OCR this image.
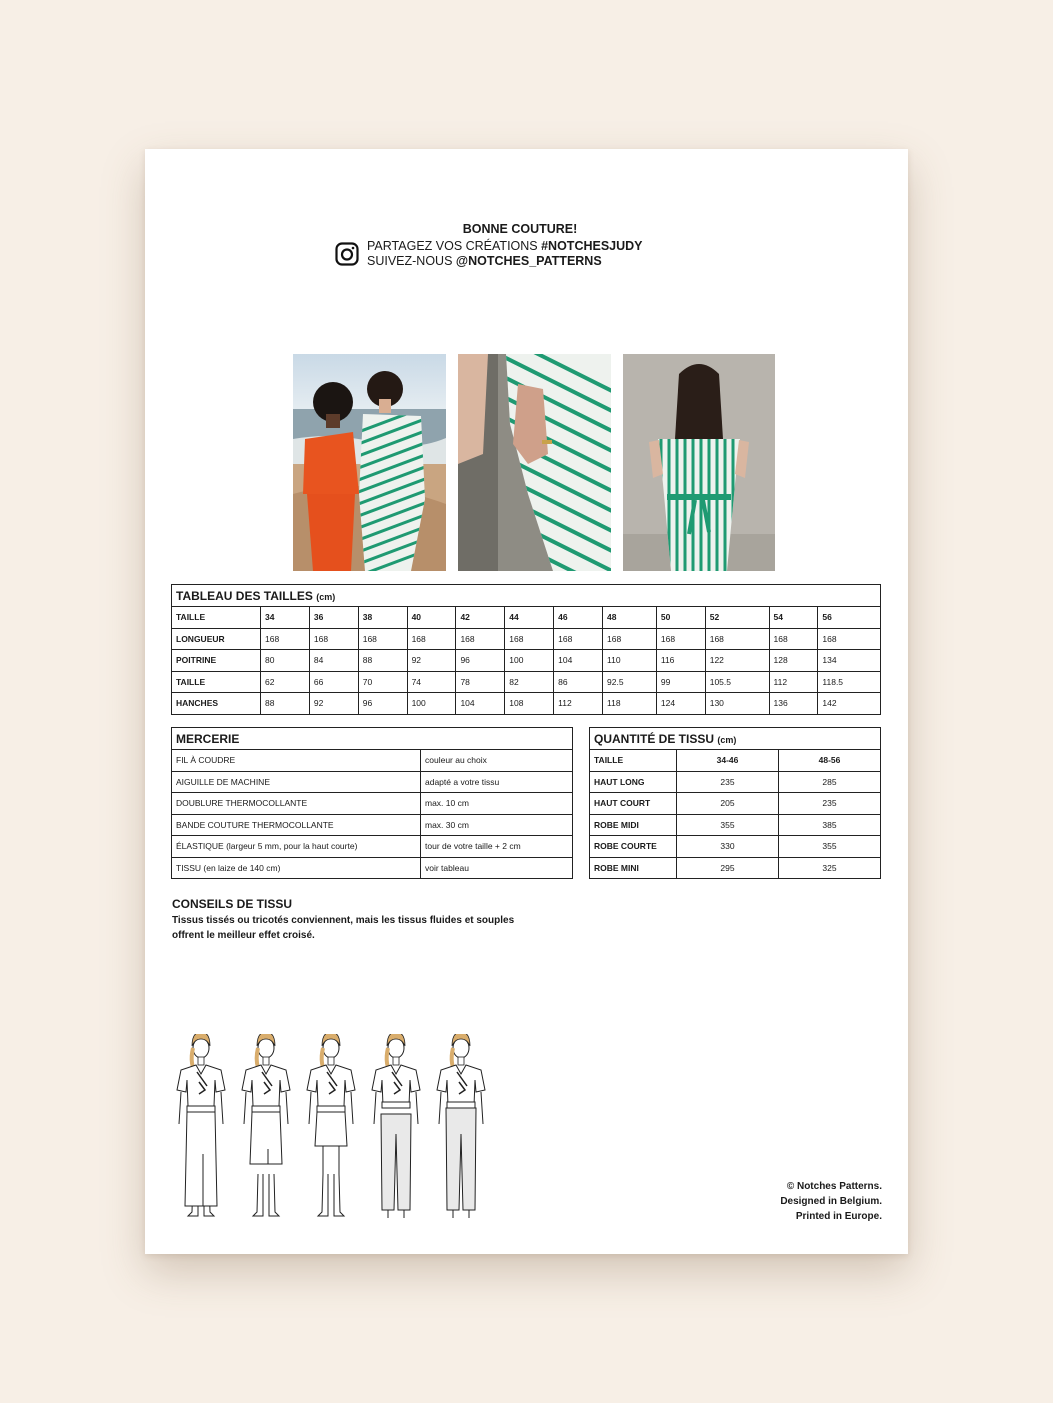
BONNE COUTURE!
PARTAGEZ VOS CRÉATIONS #NOTCHESJUDY
SUIVEZ-NOUS @NOTCHES_PATTERNS
TABLEAU DES TAILLES (cm)												
TAILLE	34	36	38	40	42	44	46	48	50	52	54	56
LONGUEUR	168	168	168	168	168	168	168	168	168	168	168	168
POITRINE	80	84	88	92	96	100	104	110	116	122	128	134
TAILLE	62	66	70	74	78	82	86	92.5	99	105.5	112	118.5
HANCHES	88	92	96	100	104	108	112	118	124	130	136	142
MERCERIE	
FIL À COUDRE	couleur au choix
AIGUILLE DE MACHINE	adapté a votre tissu
DOUBLURE THERMOCOLLANTE	max. 10 cm
BANDE COUTURE THERMOCOLLANTE	max. 30 cm
ÉLASTIQUE (largeur 5 mm, pour la haut courte)	tour de votre taille + 2 cm
TISSU (en laize de 140 cm)	voir tableau
QUANTITÉ DE TISSU (cm)		
TAILLE	34-46	48-56
HAUT LONG	235	285
HAUT COURT	205	235
ROBE MIDI	355	385
ROBE COURTE	330	355
ROBE MINI	295	325
CONSEILS DE TISSU

Tissus tissés ou tricotés conviennent, mais les tissus fluides et souples
offrent le meilleur effet croisé.

© Notches Patterns.
Designed in Belgium.
Printed in Europe.
